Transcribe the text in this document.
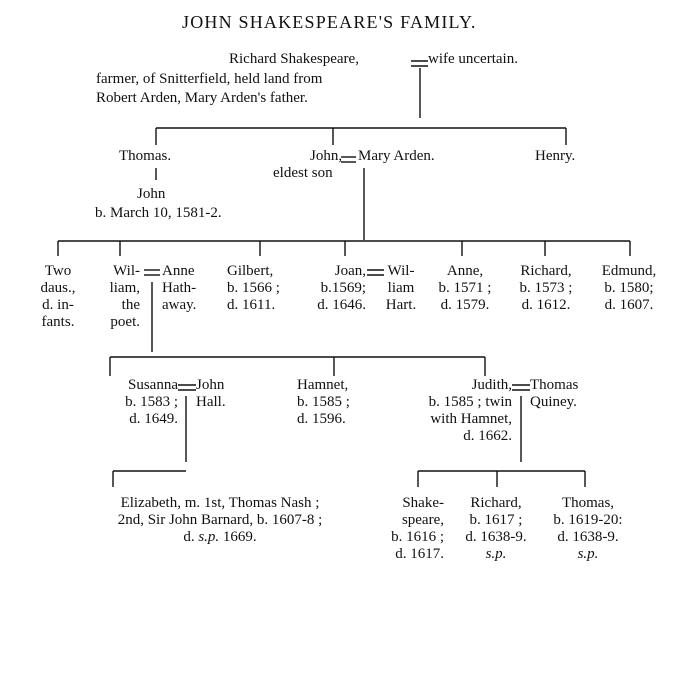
JOHN SHAKESPEARE'S FAMILY.
Richard Shakespeare,	wife uncertain.
farmer, of Snitterfield, held land from
Robert Arden, Mary Arden's father.
Thomas.
John
b. March 10, 1581-2.
John,
eldest son
Mary Arden.	Henry.
Two
daus.,
d. in-
fants.
Wil-
liam,
the
poet.
Anne
Hath-
away.
Gilbert,
b. 1566 ;
d. 1611.
Joan,
b.1569;
d. 1646.
Wil-
liam
Hart.
Anne,
b. 1571 ;
d. 1579.
Richard,
b. 1573 ;
d. 1612.
Edmund,
b. 1580;
d. 1607.
Susanna
b. 1583 ;
d. 1649.
John
Hall.
Hamnet,
b. 1585 ;
d. 1596.
Judith,
b. 1585 ; twin
with Hamnet,
d. 1662.
Thomas
Quiney.
Elizabeth, m. 1st, Thomas Nash ;
2nd, Sir John Barnard, b. 1607-8 ;
d. s.p. 1669.
Shake-
speare,
b. 1616 ;
d. 1617.
Richard,
b. 1617 ;
d. 1638-9.
s.p.
Thomas,
b. 1619-20:
d. 1638-9.
s.p.
